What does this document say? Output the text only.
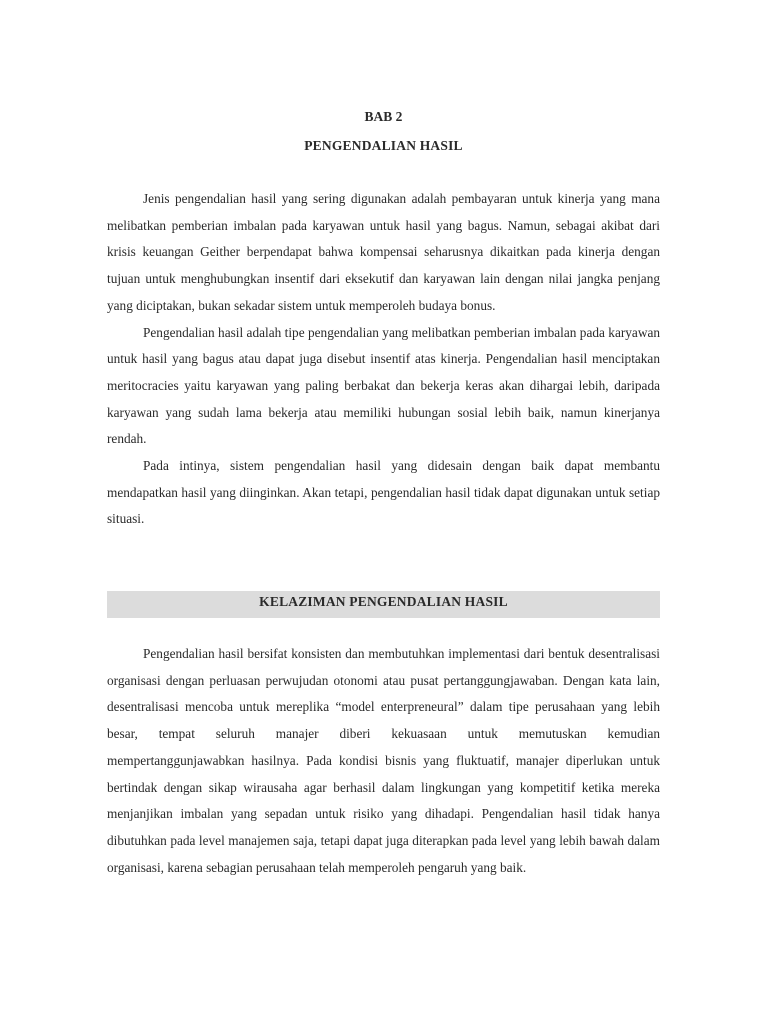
BAB 2
PENGENDALIAN HASIL

Jenis pengendalian hasil yang sering digunakan adalah pembayaran untuk kinerja yang mana melibatkan pemberian imbalan pada karyawan untuk hasil yang bagus. Namun, sebagai akibat dari krisis keuangan Geither berpendapat bahwa kompensai seharusnya dikaitkan pada kinerja dengan tujuan untuk menghubungkan insentif dari eksekutif dan karyawan lain dengan nilai jangka penjang yang diciptakan, bukan sekadar sistem untuk memperoleh budaya bonus.

Pengendalian hasil adalah tipe pengendalian yang melibatkan pemberian imbalan pada karyawan untuk hasil yang bagus atau dapat juga disebut insentif atas kinerja. Pengendalian hasil menciptakan meritocracies yaitu karyawan yang paling berbakat dan bekerja keras akan dihargai lebih, daripada karyawan yang sudah lama bekerja atau memiliki hubungan sosial lebih baik, namun kinerjanya rendah.

Pada intinya, sistem pengendalian hasil yang didesain dengan baik dapat membantu mendapatkan hasil yang diinginkan. Akan tetapi, pengendalian hasil tidak dapat digunakan untuk setiap situasi.

KELAZIMAN PENGENDALIAN HASIL

Pengendalian hasil bersifat konsisten dan membutuhkan implementasi dari bentuk desentralisasi organisasi dengan perluasan perwujudan otonomi atau pusat pertanggungjawaban. Dengan kata lain, desentralisasi mencoba untuk mereplika “model enterpreneural” dalam tipe perusahaan yang lebih besar, tempat seluruh manajer diberi kekuasaan untuk memutuskan kemudian mempertanggunjawabkan hasilnya. Pada kondisi bisnis yang fluktuatif, manajer diperlukan untuk bertindak dengan sikap wirausaha agar berhasil dalam lingkungan yang kompetitif ketika mereka menjanjikan imbalan yang sepadan untuk risiko yang dihadapi. Pengendalian hasil tidak hanya dibutuhkan pada level manajemen saja, tetapi dapat juga diterapkan pada level yang lebih bawah dalam organisasi, karena sebagian perusahaan telah memperoleh pengaruh yang baik.
